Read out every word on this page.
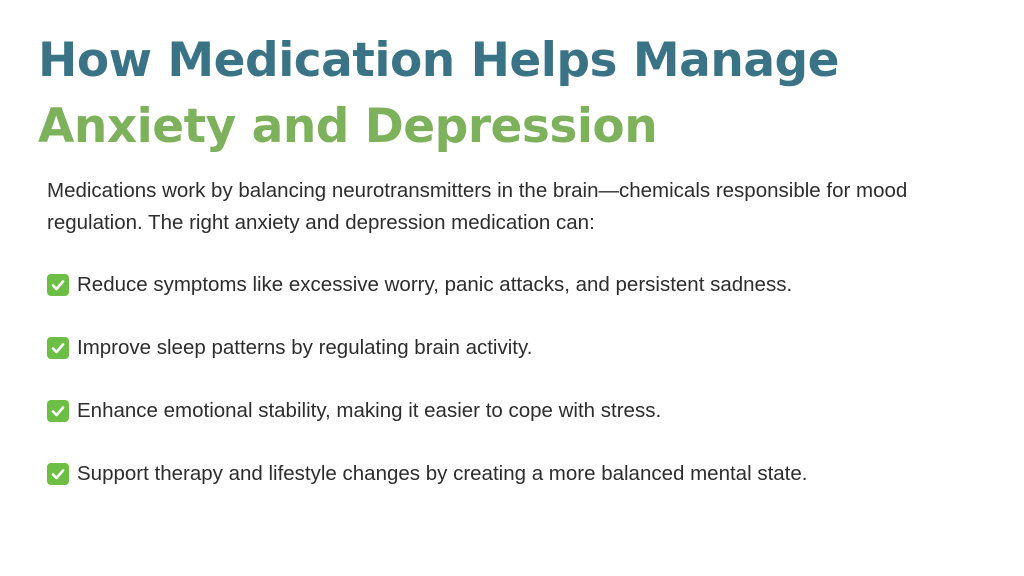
How Medication Helps Manage
Anxiety and Depression

Medications work by balancing neurotransmitters in the brain—chemicals responsible for mood regulation. The right anxiety and depression medication can:

Reduce symptoms like excessive worry, panic attacks, and persistent sadness.
Improve sleep patterns by regulating brain activity.
Enhance emotional stability, making it easier to cope with stress.
Support therapy and lifestyle changes by creating a more balanced mental state.
